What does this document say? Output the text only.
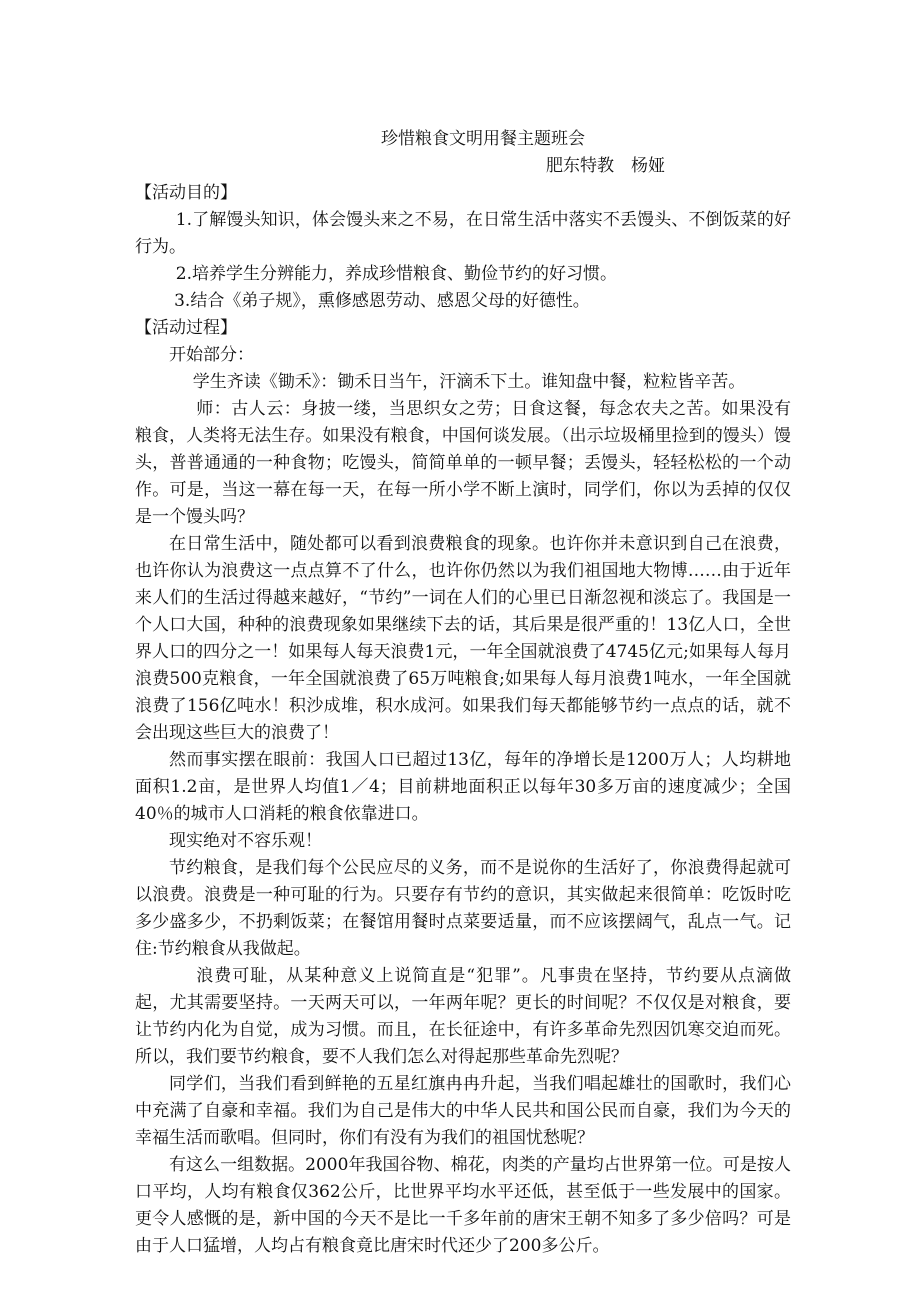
珍惜粮食文明用餐主题班会

肥东特教　杨娅

【活动目的】

1.了解馒头知识，体会馒头来之不易，在日常生活中落实不丢馒头、不倒饭菜的好行为。

2.培养学生分辨能力，养成珍惜粮食、勤俭节约的好习惯。

3.结合《弟子规》，熏修感恩劳动、感恩父母的好德性。

【活动过程】

开始部分：

学生齐读《锄禾》：锄禾日当午，汗滴禾下土。谁知盘中餐，粒粒皆辛苦。

师：古人云：身披一缕，当思织女之劳；日食这餐，每念农夫之苦。如果没有粮食，人类将无法生存。如果没有粮食，中国何谈发展。（出示垃圾桶里捡到的馒头）馒头，普普通通的一种食物；吃馒头，简简单单的一顿早餐；丢馒头，轻轻松松的一个动作。可是，当这一幕在每一天，在每一所小学不断上演时，同学们，你以为丢掉的仅仅是一个馒头吗？

在日常生活中，随处都可以看到浪费粮食的现象。也许你并未意识到自己在浪费，也许你认为浪费这一点点算不了什么，也许你仍然以为我们祖国地大物博……由于近年来人们的生活过得越来越好，“节约”一词在人们的心里已日渐忽视和淡忘了。我国是一个人口大国，种种的浪费现象如果继续下去的话，其后果是很严重的！13亿人口，全世界人口的四分之一！如果每人每天浪费1元，一年全国就浪费了4745亿元;如果每人每月浪费500克粮食，一年全国就浪费了65万吨粮食;如果每人每月浪费1吨水，一年全国就浪费了156亿吨水！积沙成堆，积水成河。如果我们每天都能够节约一点点的话，就不会出现这些巨大的浪费了！

然而事实摆在眼前：我国人口已超过13亿，每年的净增长是1200万人；人均耕地面积1.2亩，是世界人均值1／4；目前耕地面积正以每年30多万亩的速度减少；全国40％的城市人口消耗的粮食依靠进口。

现实绝对不容乐观！

节约粮食，是我们每个公民应尽的义务，而不是说你的生活好了，你浪费得起就可以浪费。浪费是一种可耻的行为。只要存有节约的意识，其实做起来很简单：吃饭时吃 多少盛多少，不扔剩饭菜；在餐馆用餐时点菜要适量，而不应该摆阔气，乱点一气。记住:节约粮食从我做起。

浪费可耻，从某种意义上说简直是“犯罪”。凡事贵在坚持，节约要从点滴做起，尤其需要坚持。一天两天可以，一年两年呢？更长的时间呢？不仅仅是对粮食，要让节约内化为自觉，成为习惯。而且，在长征途中，有许多革命先烈因饥寒交迫而死。所以，我们要节约粮食，要不人我们怎么对得起那些革命先烈呢？

同学们，当我们看到鲜艳的五星红旗冉冉升起，当我们唱起雄壮的国歌时，我们心中充满了自豪和幸福。我们为自己是伟大的中华人民共和国公民而自豪，我们为今天的幸福生活而歌唱。但同时，你们有没有为我们的祖国忧愁呢？

有这么一组数据。2000年我国谷物、棉花，肉类的产量均占世界第一位。可是按人口平均，人均有粮食仅362公斤，比世界平均水平还低，甚至低于一些发展中的国家。更令人感慨的是，新中国的今天不是比一千多年前的唐宋王朝不知多了多少倍吗？可是由于人口猛增，人均占有粮食竟比唐宋时代还少了200多公斤。
